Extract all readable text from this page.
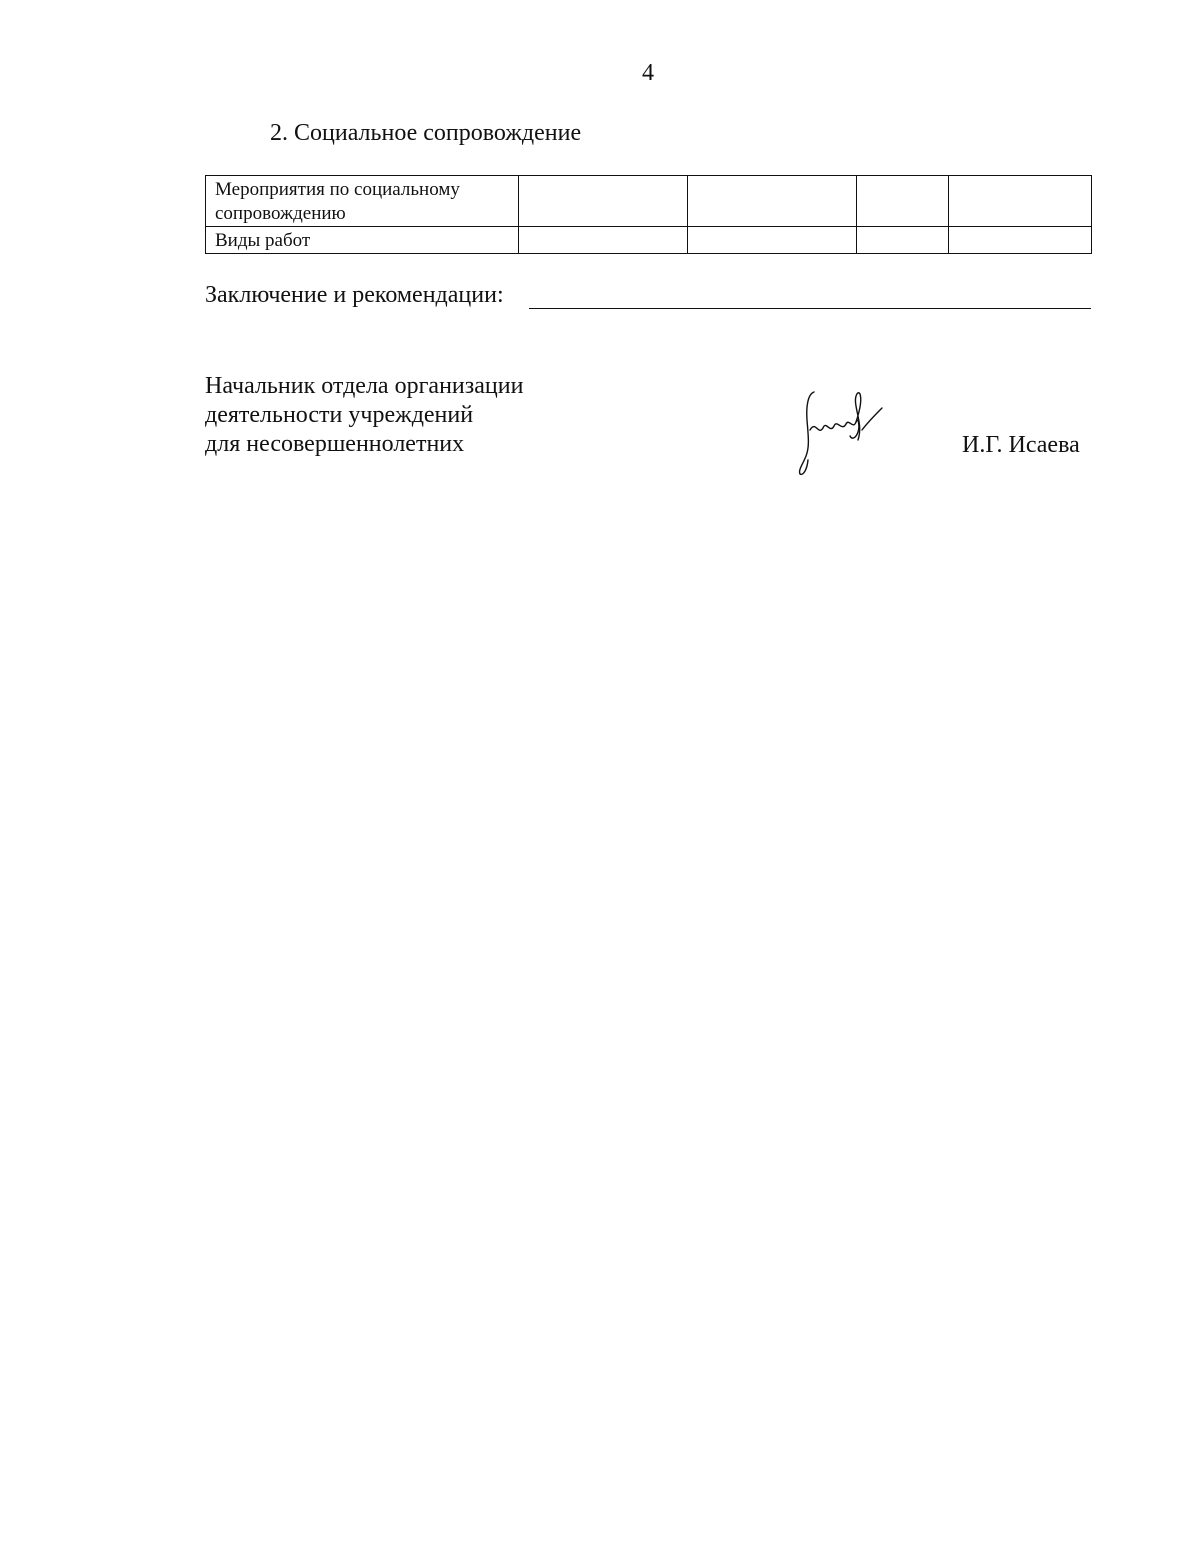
4
2. Социальное сопровождение
Мероприятия по социальному сопровождению				
Виды работ				
Заключение и рекомендации:
Начальник отдела организации
деятельности учреждений
для несовершеннолетних	И.Г. Исаева
